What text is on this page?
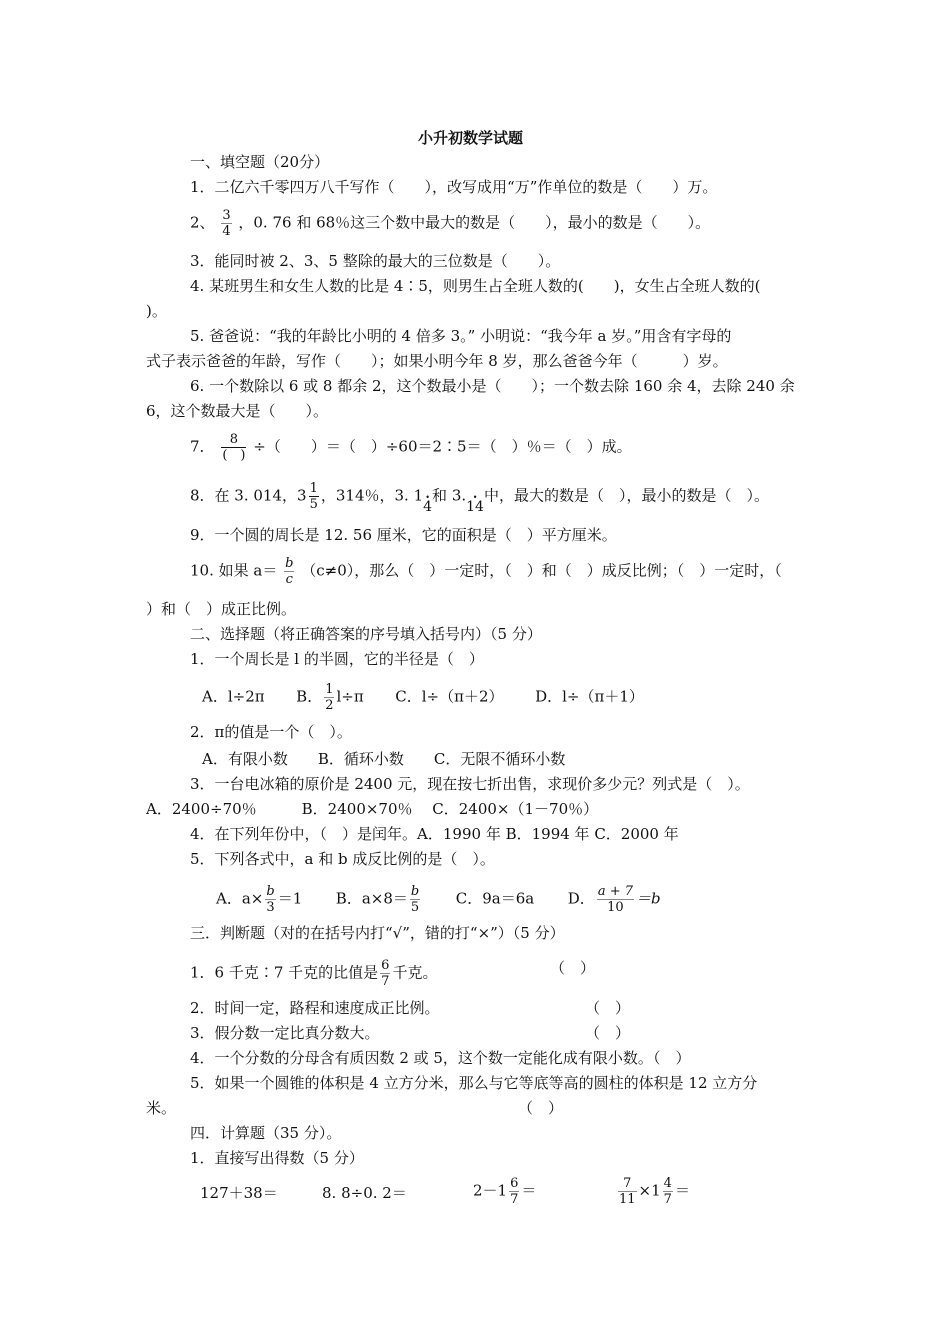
小升初数学试题
一、填空题（20分）
1．二亿六千零四万八千写作（　　），改写成用“万”作单位的数是（　　）万。
2、 $\frac{3}{4}$ ，0. 76 和 68％这三个数中最大的数是（　　），最小的数是（　　）。
3．能同时被 2、3、5 整除的最大的三位数是（　　）。
4. 某班男生和女生人数的比是 4∶5，则男生占全班人数的(　　)，女生占全班人数的(
)。
5. 爸爸说：“我的年龄比小明的 4 倍多 3。” 小明说：“我今年 a 岁。”用含有字母的
式子表示爸爸的年龄，写作（　　）；如果小明今年 8 岁，那么爸爸今年（　　　）岁。
6. 一个数除以 6 或 8 都余 2，这个数最小是（　　）；一个数去除 160 余 4，去除 240 余
6，这个数最大是（　　）。
7． $\frac{8}{( )}$ ÷（　　）＝（　）÷60＝2∶5＝（　）％＝（　）成。
8．在 3. 014，$3 \frac{1}{5}$ ，314％，3. 14 •和 3.14 •中，最大的数是（　），最小的数是（　）。
9．一个圆的周长是 12. 56 厘米，它的面积是（　）平方厘米。
10. 如果 $a= \frac{b}{c} (c\ne 0)$，那么（　）一定时，（　）和（　）成反比例；（　）一定时，（
）和（　）成正比例。
二、选择题（将正确答案的序号填入括号内）（5 分）
1．一个周长是 l 的半圆，它的半径是（　）
A．l÷2π B． $\frac{1}{2} l\div\pi$ C．l÷（π＋2） D．l÷（π＋1）
2．π的值是一个（　）。
A．有限小数　　B．循环小数　　C．无限不循环小数
3．一台电冰箱的原价是 2400 元，现在按七折出售，求现价多少元？列式是（　）。
A．2400÷70％　　　B．2400×70％　 C．2400×（1－70％）
4．在下列年份中，（　）是闰年。A．1990 年 B．1994 年 C．2000 年
5．下列各式中，a 和 b 成反比例的是（　）。
A．$a\times \frac{b}{3} =1$ B．$a\times 8= \frac{b}{5}$ C．9a＝6a D． $\frac{a + 7}{10} =b$
三．判断题（对的在括号内打“√”，错的打“×”）（5 分）
1．6 千克∶7 千克的比值是 $\frac{6}{7}$ 千克。	（　）
2．时间一定，路程和速度成正比例。	（　）
3．假分数一定比真分数大。	（　）
4．一个分数的分母含有质因数 2 或 5，这个数一定能化成有限小数。（　）
5．如果一个圆锥的体积是 4 立方分米，那么与它等底等高的圆柱的体积是 12 立方分
米。	（　）
四．计算题（35 分）。
1．直接写出得数（5 分）
127＋38＝	8. 8÷0. 2＝	$2-1 \frac{6}{7}$ ＝	$\frac{7}{11} \times 1 \frac{4}{7}$ ＝
